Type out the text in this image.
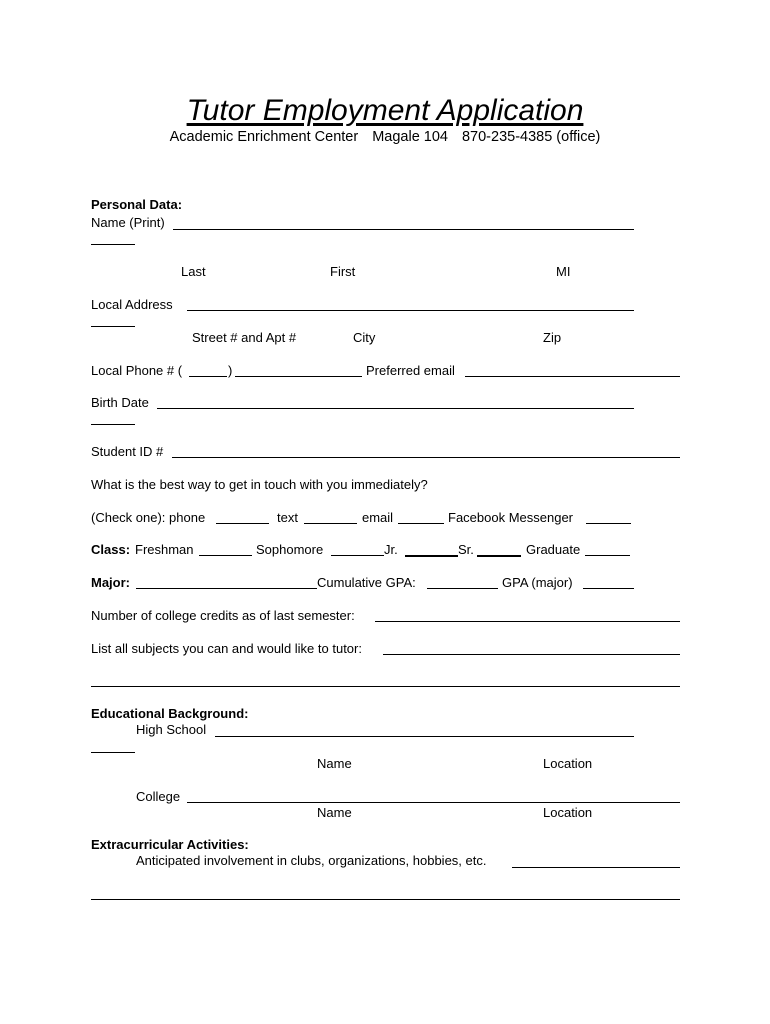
Tutor Employment Application
Academic Enrichment Center Magale 104 870-235-4385 (office)
Personal Data:
Name (Print)
Last	First	MI
Local Address
Street # and Apt #	City	Zip
Local Phone # (	)	Preferred email
Birth Date
Student ID #
What is the best way to get in touch with you immediately?
(Check one): phone	text	email	Facebook Messenger
Class: Freshman	Sophomore	Jr.	Sr.	Graduate
Major:	Cumulative GPA:	GPA (major)
Number of college credits as of last semester:
List all subjects you can and would like to tutor:
Educational Background:
High School
Name	Location
College
Name	Location
Extracurricular Activities:
Anticipated involvement in clubs, organizations, hobbies, etc.
